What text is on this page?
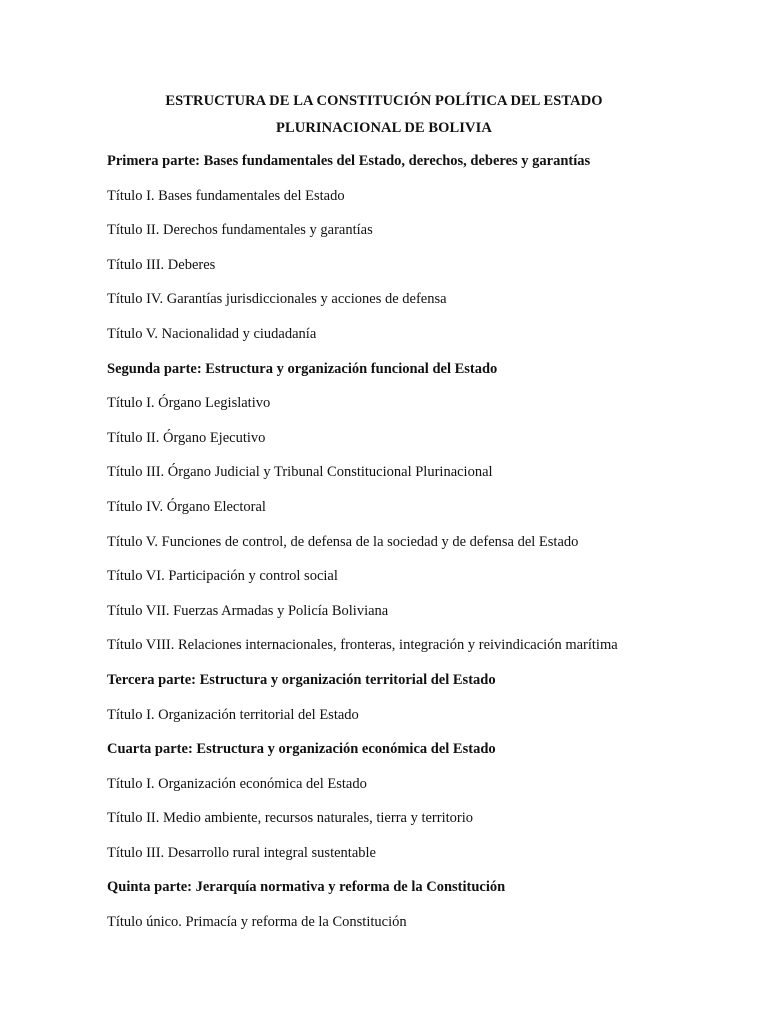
ESTRUCTURA DE LA CONSTITUCIÓN POLÍTICA DEL ESTADO
PLURINACIONAL DE BOLIVIA

Primera parte: Bases fundamentales del Estado, derechos, deberes y garantías

Título I. Bases fundamentales del Estado

Título II. Derechos fundamentales y garantías

Título III. Deberes

Título IV. Garantías jurisdiccionales y acciones de defensa

Título V. Nacionalidad y ciudadanía

Segunda parte: Estructura y organización funcional del Estado

Título I. Órgano Legislativo

Título II. Órgano Ejecutivo

Título III. Órgano Judicial y Tribunal Constitucional Plurinacional

Título IV. Órgano Electoral

Título V. Funciones de control, de defensa de la sociedad y de defensa del Estado

Título VI. Participación y control social

Título VII. Fuerzas Armadas y Policía Boliviana

Título VIII. Relaciones internacionales, fronteras, integración y reivindicación marítima

Tercera parte: Estructura y organización territorial del Estado

Título I. Organización territorial del Estado

Cuarta parte: Estructura y organización económica del Estado

Título I. Organización económica del Estado

Título II. Medio ambiente, recursos naturales, tierra y territorio

Título III. Desarrollo rural integral sustentable

Quinta parte: Jerarquía normativa y reforma de la Constitución

Título único. Primacía y reforma de la Constitución
